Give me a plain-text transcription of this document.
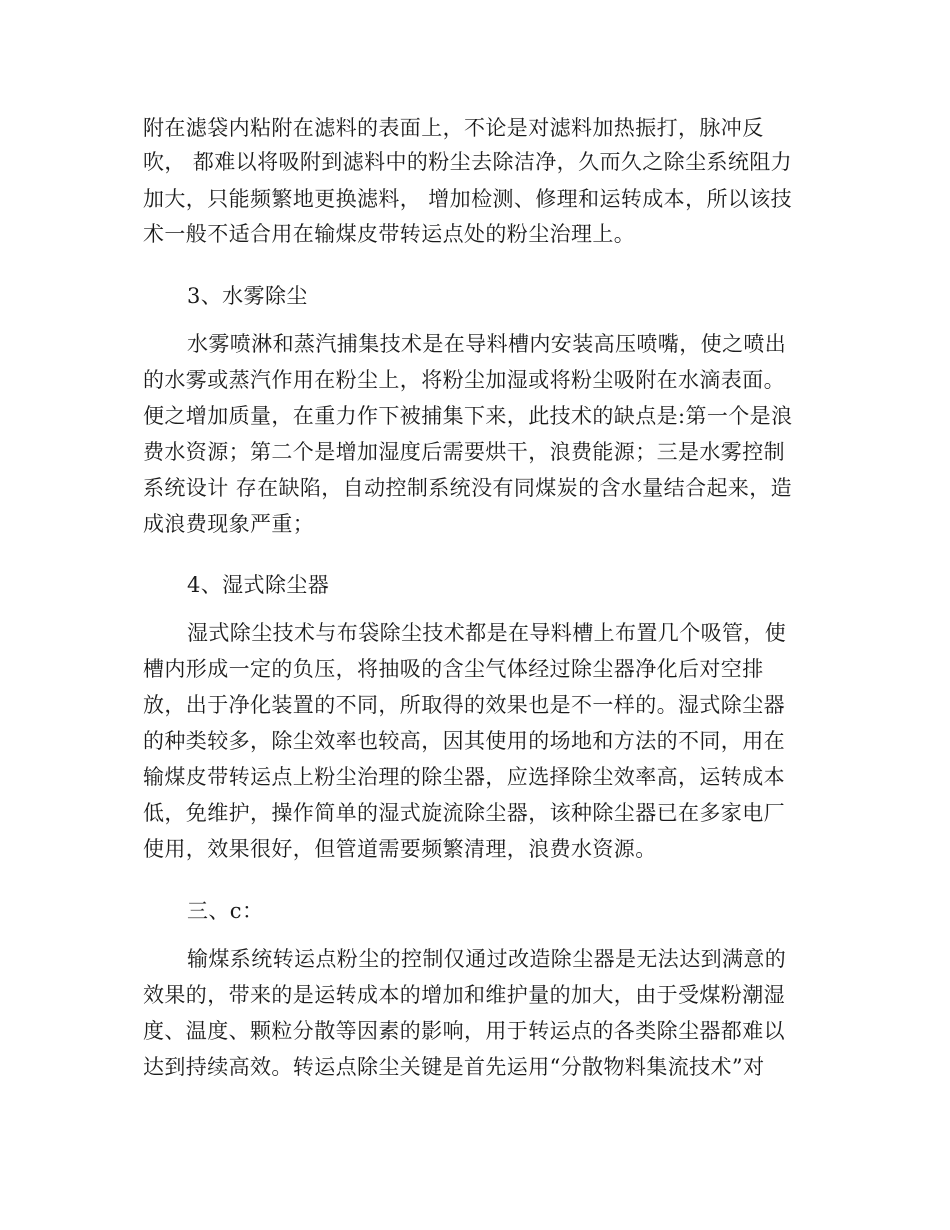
附在滤袋内粘附在滤料的表面上，不论是对滤料加热振打，脉冲反
吹， 都难以将吸附到滤料中的粉尘去除洁净，久而久之除尘系统阻力
加大，只能频繁地更换滤料， 增加检测、修理和运转成本，所以该技
术一般不适合用在输煤皮带转运点处的粉尘治理上。
3、水雾除尘
水雾喷淋和蒸汽捕集技术是在导料槽内安装高压喷嘴，使之喷出
的水雾或蒸汽作用在粉尘上，将粉尘加湿或将粉尘吸附在水滴表面。
便之增加质量，在重力作下被捕集下来，此技术的缺点是:第一个是浪
费水资源；第二个是增加湿度后需要烘干，浪费能源；三是水雾控制
系统设计 存在缺陷，自动控制系统没有同煤炭的含水量结合起来，造
成浪费现象严重；
4、湿式除尘器
湿式除尘技术与布袋除尘技术都是在导料槽上布置几个吸管，使
槽内形成一定的负压，将抽吸的含尘气体经过除尘器净化后对空排
放，出于净化装置的不同，所取得的效果也是不一样的。湿式除尘器
的种类较多，除尘效率也较高，因其使用的场地和方法的不同，用在
输煤皮带转运点上粉尘治理的除尘器，应选择除尘效率高，运转成本
低，免维护，操作简单的湿式旋流除尘器，该种除尘器已在多家电厂
使用，效果很好，但管道需要频繁清理，浪费水资源。
三、c：
输煤系统转运点粉尘的控制仅通过改造除尘器是无法达到满意的
效果的，带来的是运转成本的增加和维护量的加大，由于受煤粉潮湿
度、温度、颗粒分散等因素的影响，用于转运点的各类除尘器都难以
达到持续高效。转运点除尘关键是首先运用“分散物料集流技术”对
